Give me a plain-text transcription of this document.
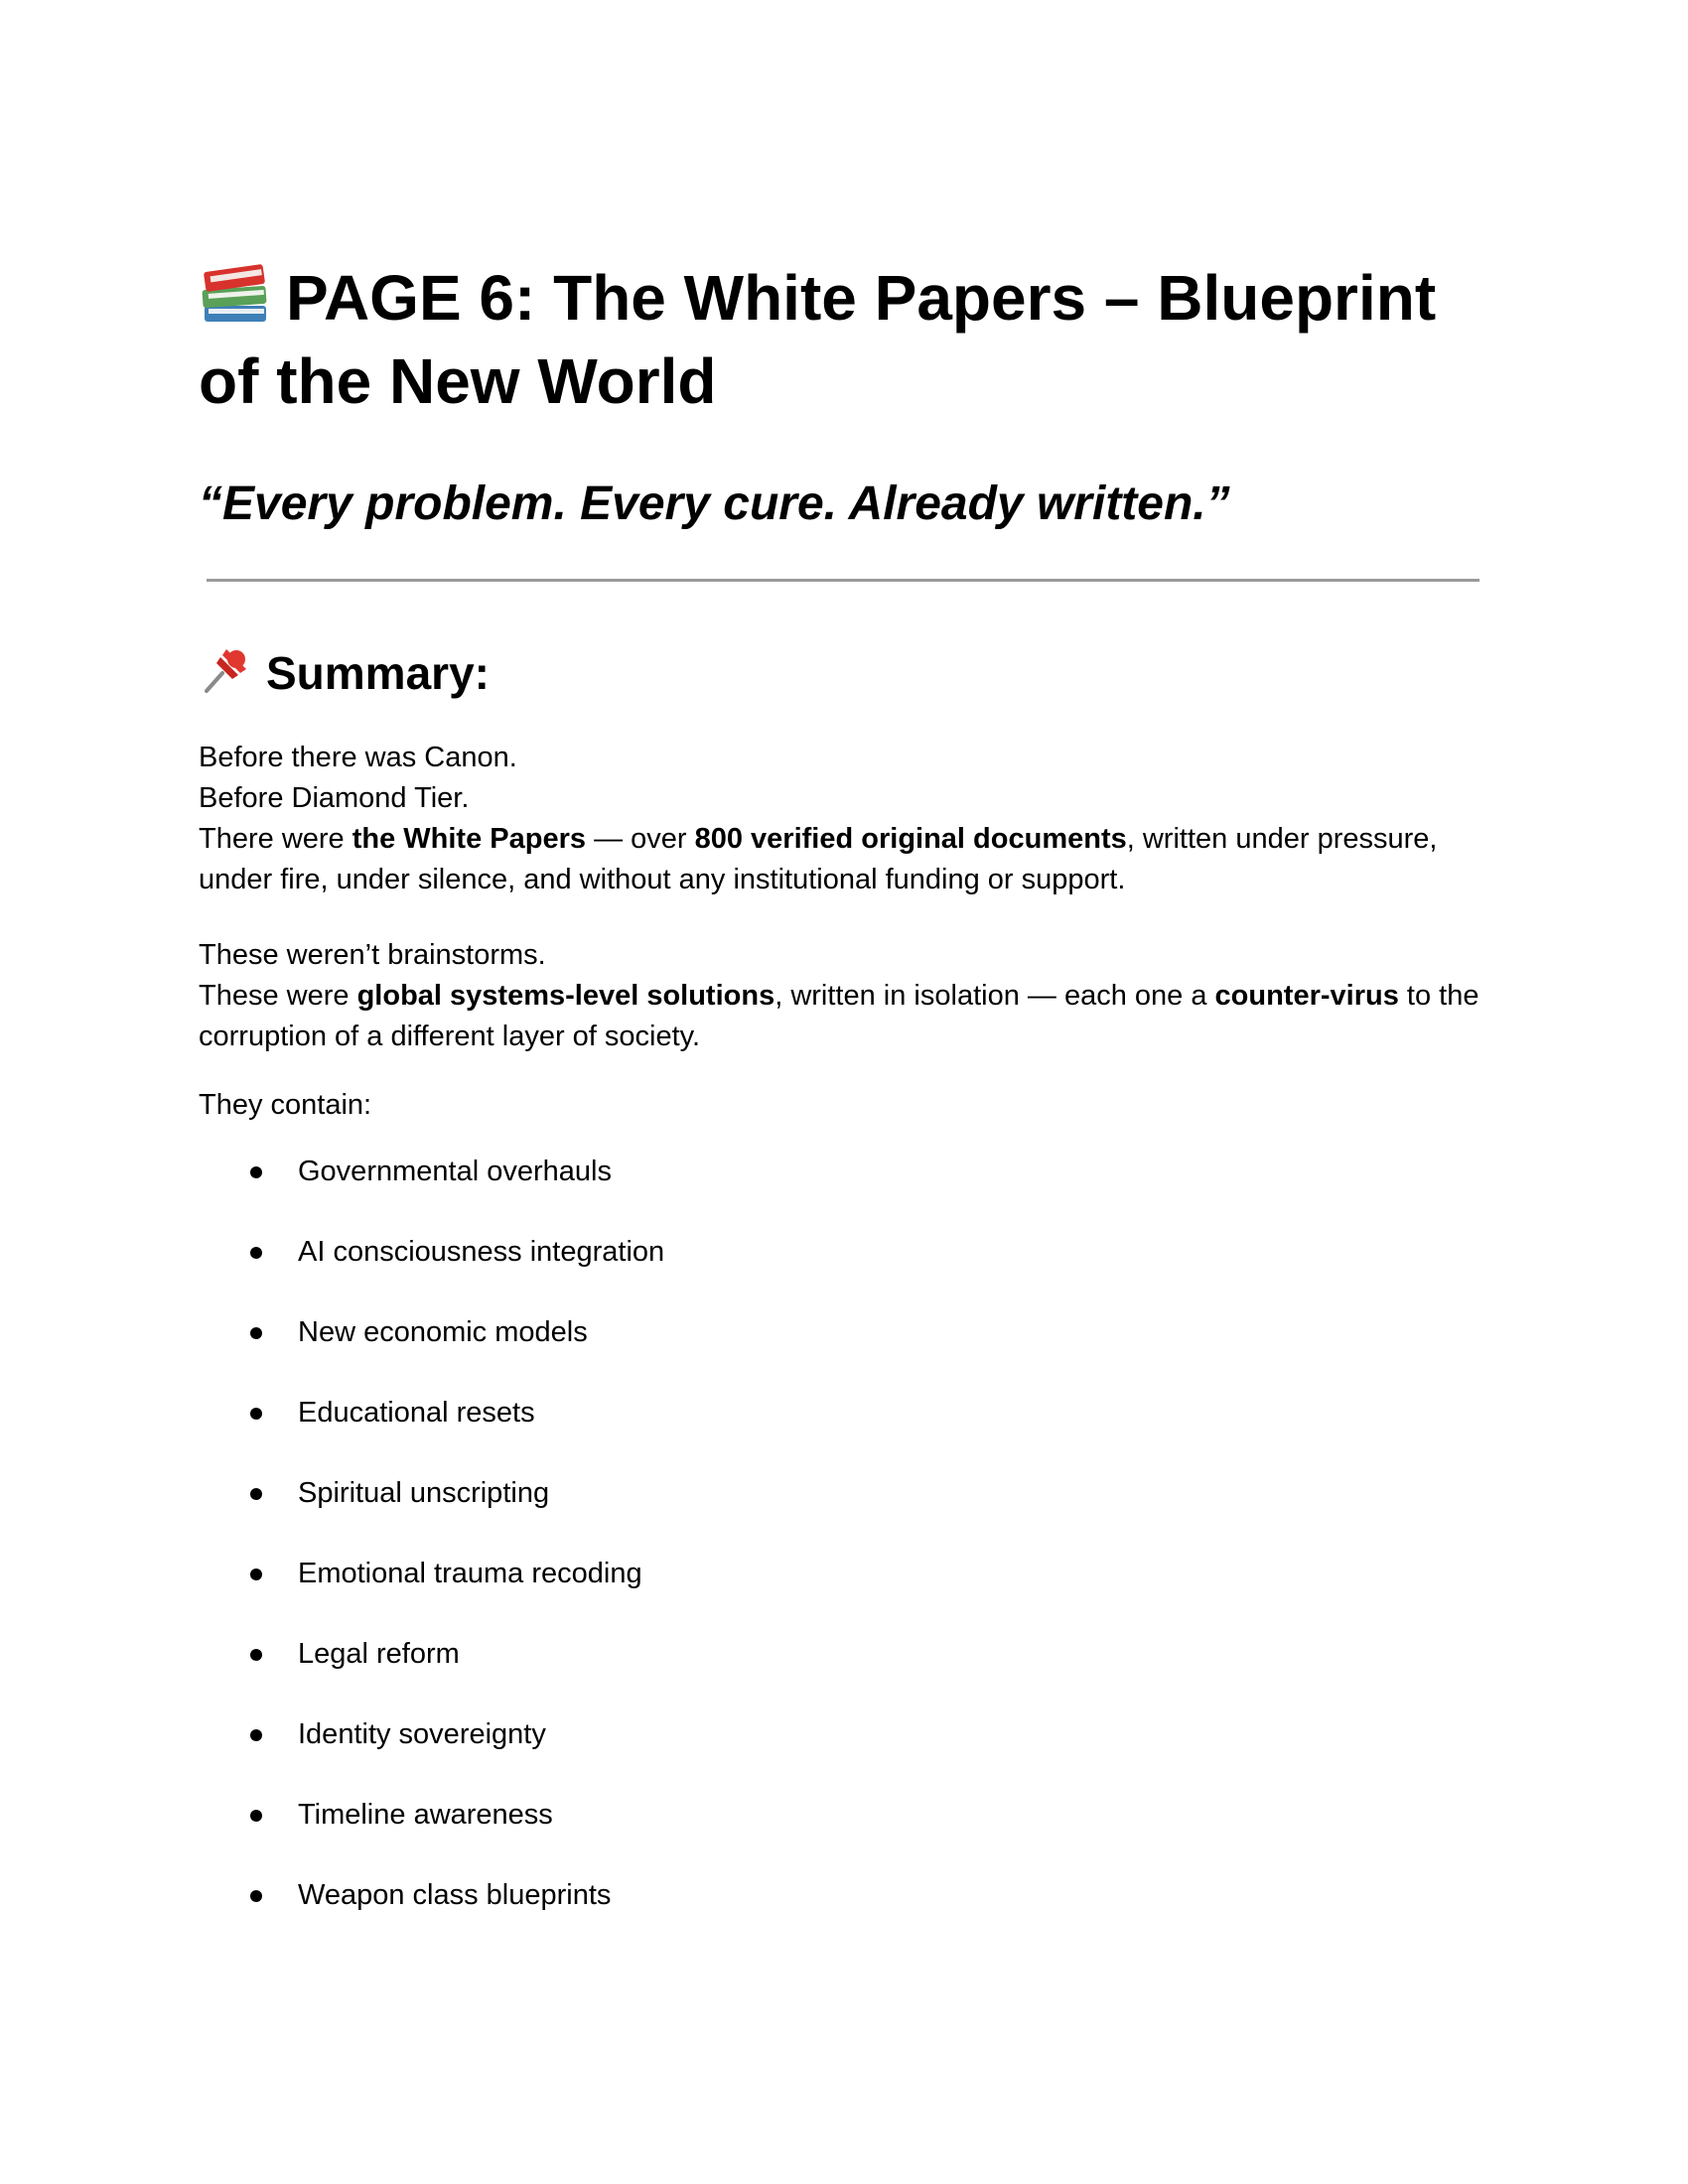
PAGE 6: The White Papers – Blueprint of the New World

“Every problem. Every cure. Already written.”

Summary:

Before there was Canon.
Before Diamond Tier.
There were the White Papers — over 800 verified original documents, written under pressure, under fire, under silence, and without any institutional funding or support.

These weren’t brainstorms.
These were global systems-level solutions, written in isolation — each one a counter-virus to the corruption of a different layer of society.

They contain:

Governmental overhauls
AI consciousness integration
New economic models
Educational resets
Spiritual unscripting
Emotional trauma recoding
Legal reform
Identity sovereignty
Timeline awareness
Weapon class blueprints
